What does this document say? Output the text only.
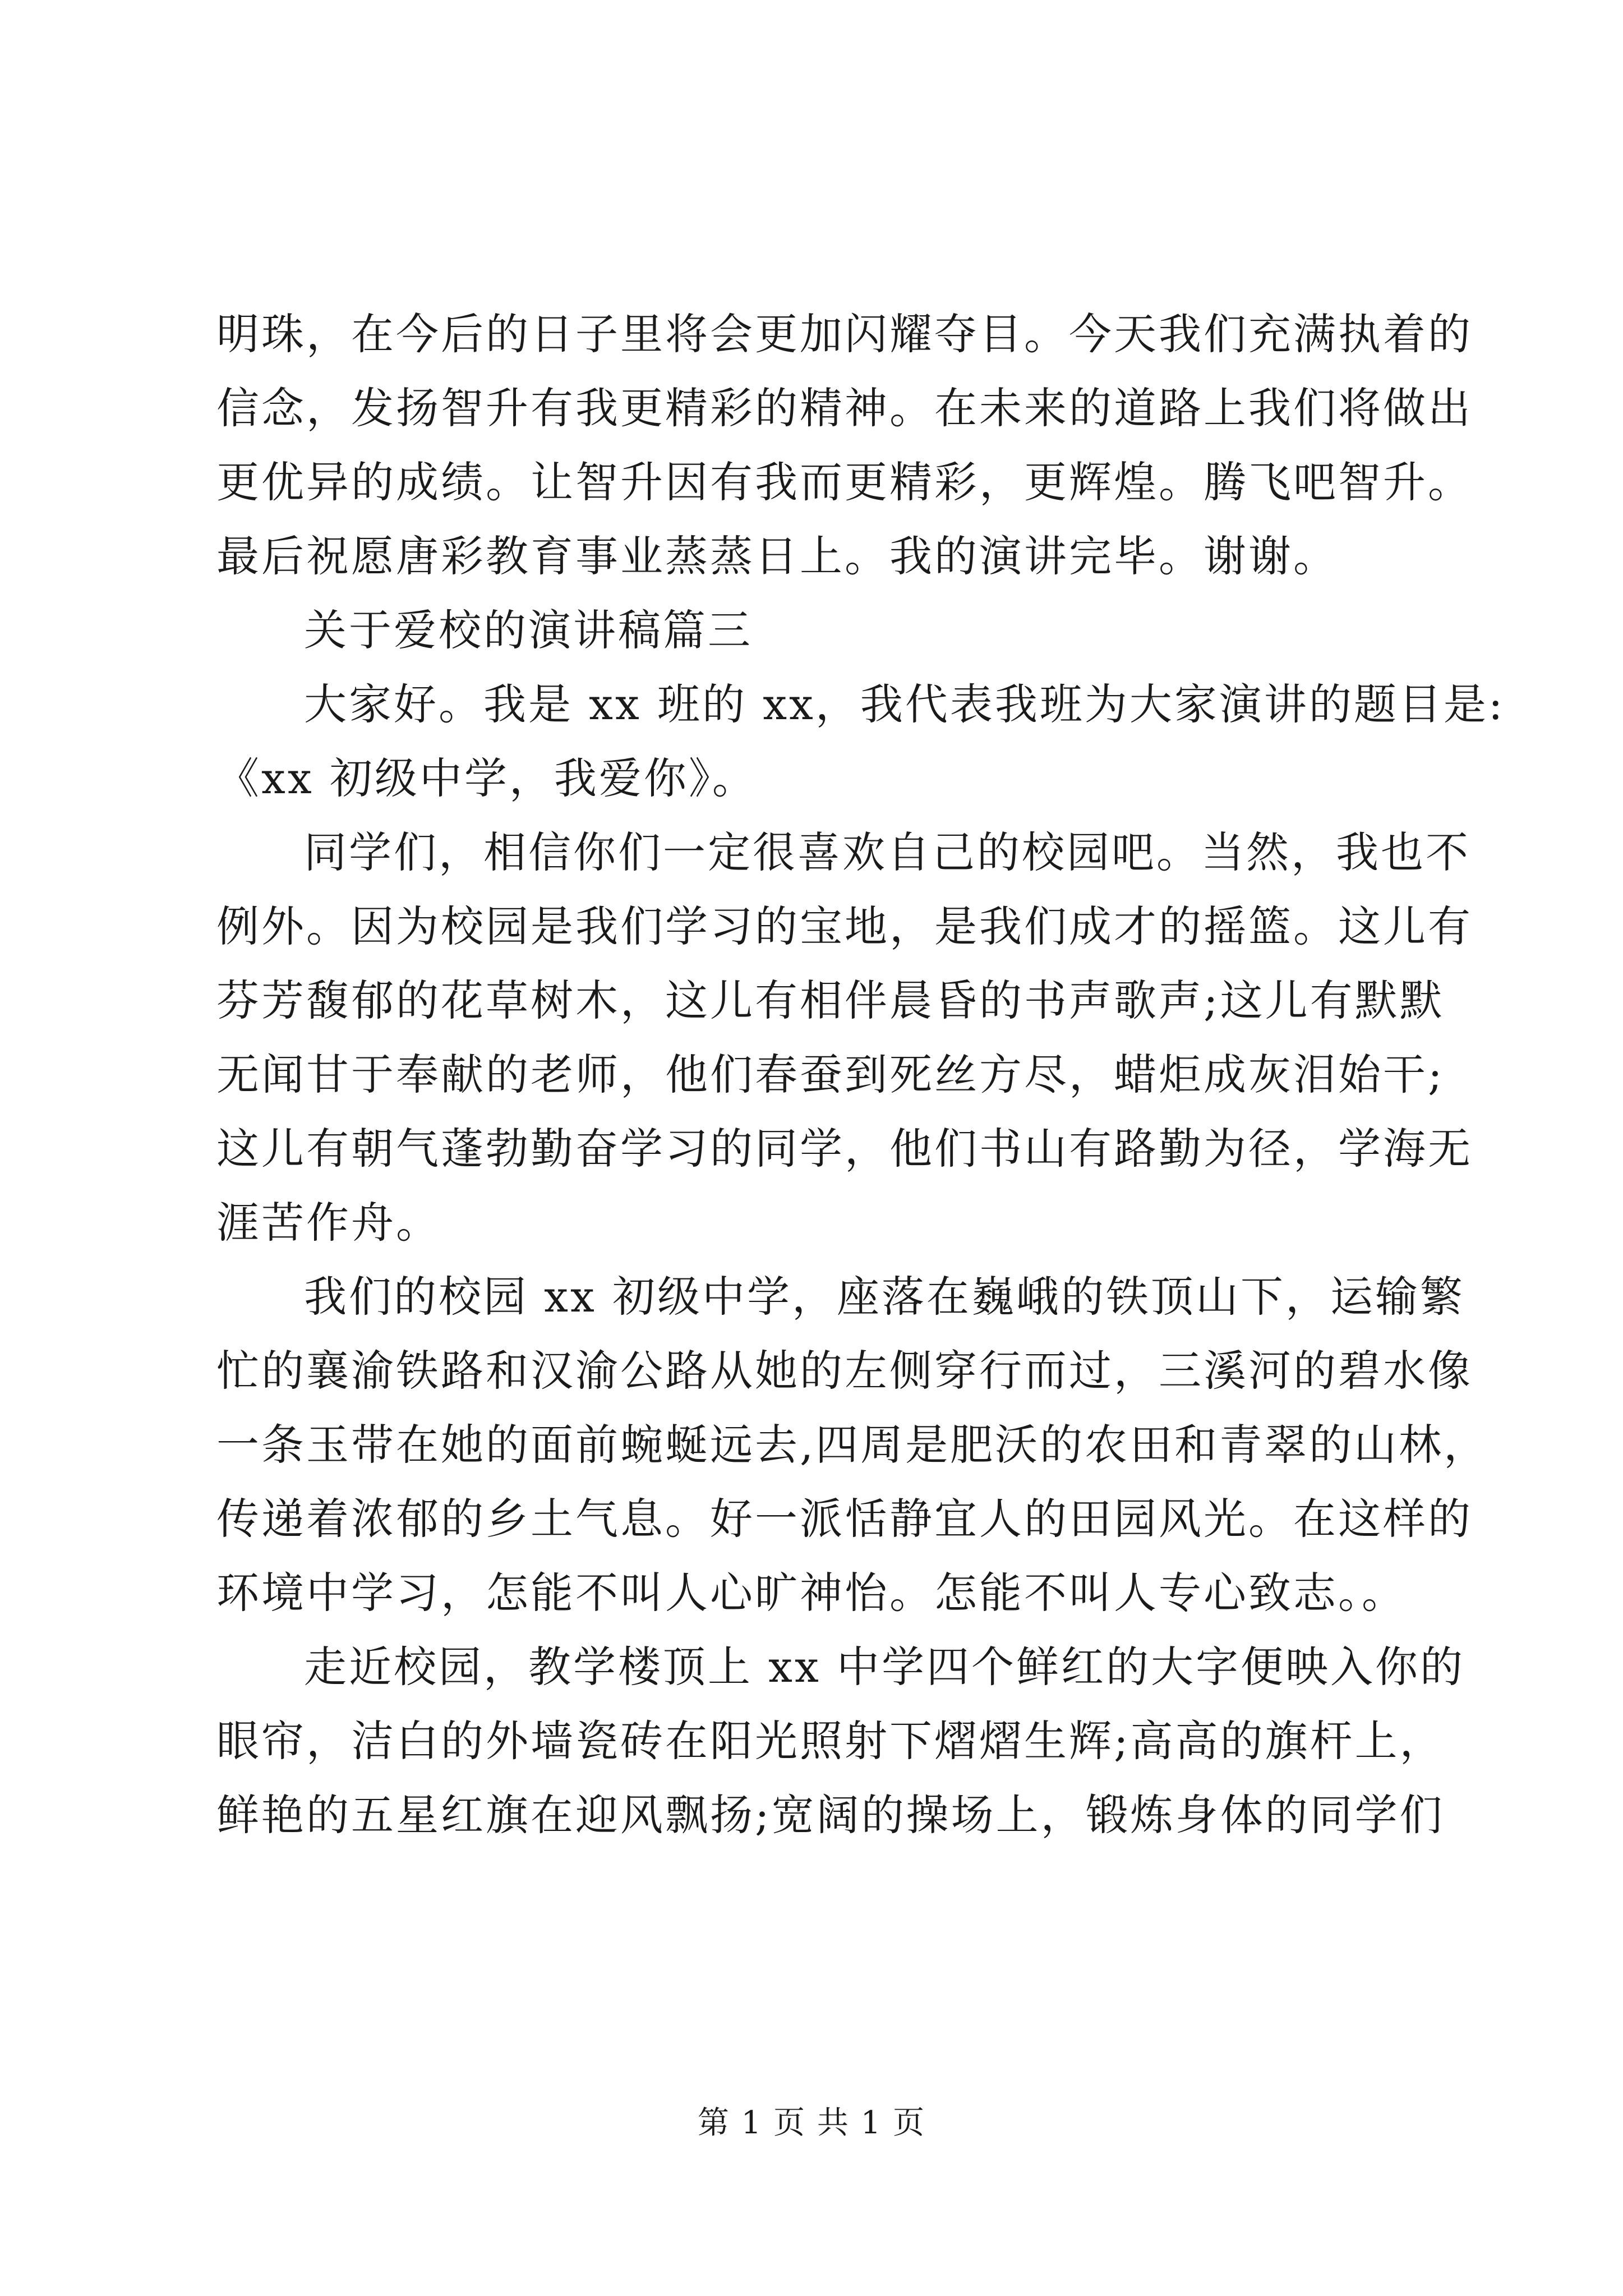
明珠，在今后的日子里将会更加闪耀夺目。今天我们充满执着的
信念，发扬智升有我更精彩的精神。在未来的道路上我们将做出
更优异的成绩。让智升因有我而更精彩，更辉煌。腾飞吧智升。
最后祝愿唐彩教育事业蒸蒸日上。我的演讲完毕。谢谢。
关于爱校的演讲稿篇三
大家好。我是 xx 班的 xx，我代表我班为大家演讲的题目是:
《xx 初级中学，我爱你》。
同学们，相信你们一定很喜欢自己的校园吧。当然，我也不
例外。因为校园是我们学习的宝地，是我们成才的摇篮。这儿有
芬芳馥郁的花草树木，这儿有相伴晨昏的书声歌声;这儿有默默
无闻甘于奉献的老师，他们春蚕到死丝方尽，蜡炬成灰泪始干;
这儿有朝气蓬勃勤奋学习的同学，他们书山有路勤为径，学海无
涯苦作舟。
我们的校园 xx 初级中学，座落在巍峨的铁顶山下，运输繁
忙的襄渝铁路和汉渝公路从她的左侧穿行而过，三溪河的碧水像
一条玉带在她的面前蜿蜒远去,四周是肥沃的农田和青翠的山林，
传递着浓郁的乡土气息。好一派恬静宜人的田园风光。在这样的
环境中学习，怎能不叫人心旷神怡。怎能不叫人专心致志。。
走近校园，教学楼顶上 xx 中学四个鲜红的大字便映入你的
眼帘，洁白的外墙瓷砖在阳光照射下熠熠生辉;高高的旗杆上，
鲜艳的五星红旗在迎风飘扬;宽阔的操场上，锻炼身体的同学们
第 1 页 共 1 页
